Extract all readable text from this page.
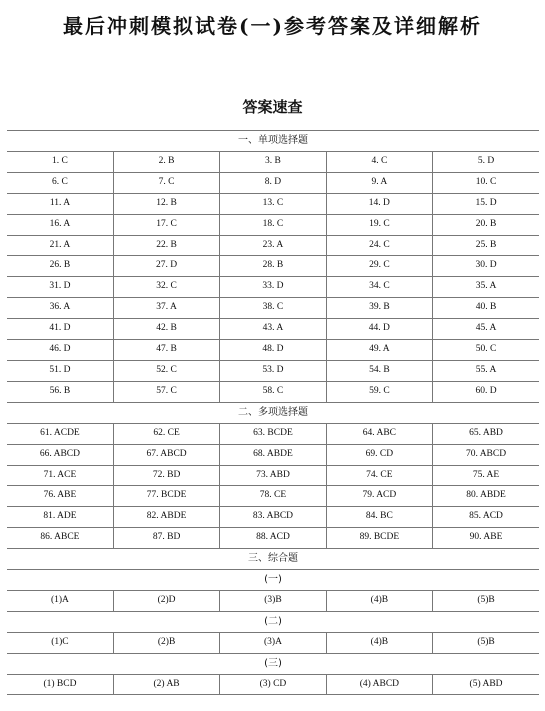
最后冲刺模拟试卷(一)参考答案及详细解析
答案速查
一、单项选择题				
1. C	2. B	3. B	4. C	5. D
6. C	7. C	8. D	9. A	10. C
11. A	12. B	13. C	14. D	15. D
16. A	17. C	18. C	19. C	20. B
21. A	22. B	23. A	24. C	25. B
26. B	27. D	28. B	29. C	30. D
31. D	32. C	33. D	34. C	35. A
36. A	37. A	38. C	39. B	40. B
41. D	42. B	43. A	44. D	45. A
46. D	47. B	48. D	49. A	50. C
51. D	52. C	53. D	54. B	55. A
56. B	57. C	58. C	59. C	60. D
二、多项选择题				
61. ACDE	62. CE	63. BCDE	64. ABC	65. ABD
66. ABCD	67. ABCD	68. ABDE	69. CD	70. ABCD
71. ACE	72. BD	73. ABD	74. CE	75. AE
76. ABE	77. BCDE	78. CE	79. ACD	80. ABDE
81. ADE	82. ABDE	83. ABCD	84. BC	85. ACD
86. ABCE	87. BD	88. ACD	89. BCDE	90. ABE
三、综合题				
(一)				
(1)A	(2)D	(3)B	(4)B	(5)B
(二)				
(1)C	(2)B	(3)A	(4)B	(5)B
(三)				
(1) BCD	(2) AB	(3) CD	(4) ABCD	(5) ABD
